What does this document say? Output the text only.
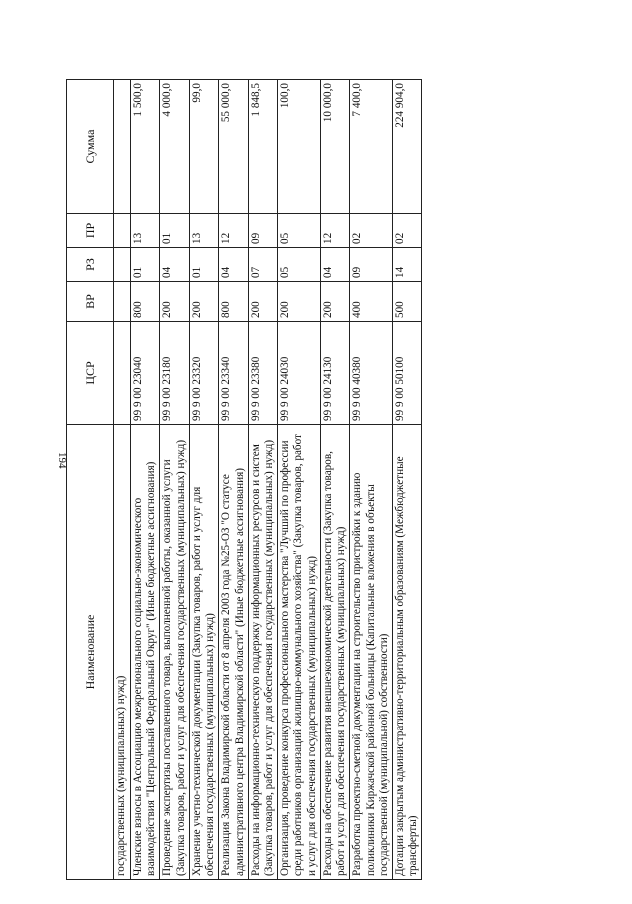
194
Наименование	ЦСР	ВР	РЗ	ПР	Сумма
государственных (муниципальных) нужд)					
Членские взносы в Ассоциацию межрегионального социально-экономического взаимодействия "Центральный Федеральный Округ" (Иные бюджетные ассигнования)	99 9 00 23040	800	01	13	1 500,0
Проведение экспертизы поставленного товара, выполненной работы, оказанной услуги (Закупка товаров, работ и услуг для обеспечения государственных (муниципальных) нужд)	99 9 00 23180	200	04	01	4 000,0
Хранение учетно-технической документации (Закупка товаров, работ и услуг для обеспечения государственных (муниципальных) нужд)	99 9 00 23320	200	01	13	99,0
Реализация Закона Владимирской области от 8 апреля 2003 года №25-ОЗ "О статусе административного центра Владимирской области" (Иные бюджетные ассигнования)	99 9 00 23340	800	04	12	55 000,0
Расходы на информационно-техническую поддержку информационных ресурсов и систем (Закупка товаров, работ и услуг для обеспечения государственных (муниципальных) нужд)	99 9 00 23380	200	07	09	1 848,5
Организация, проведение конкурса профессионального мастерства "Лучший по профессии среди работников организаций жилищно-коммунального хозяйства" (Закупка товаров, работ и услуг для обеспечения государственных (муниципальных) нужд)	99 9 00 24030	200	05	05	100,0
Расходы на обеспечение развития внешнеэкономической деятельности (Закупка товаров, работ и услуг для обеспечения государственных (муниципальных) нужд)	99 9 00 24130	200	04	12	10 000,0
Разработка проектно-сметной документации на строительство пристройки к зданию поликлиники Киржачской районной больницы (Капитальные вложения в объекты государственной (муниципальной) собственности)	99 9 00 40380	400	09	02	7 400,0
Дотации закрытым административно-территориальным образованиям (Межбюджетные трансферты)	99 9 00 50100	500	14	02	224 904,0
